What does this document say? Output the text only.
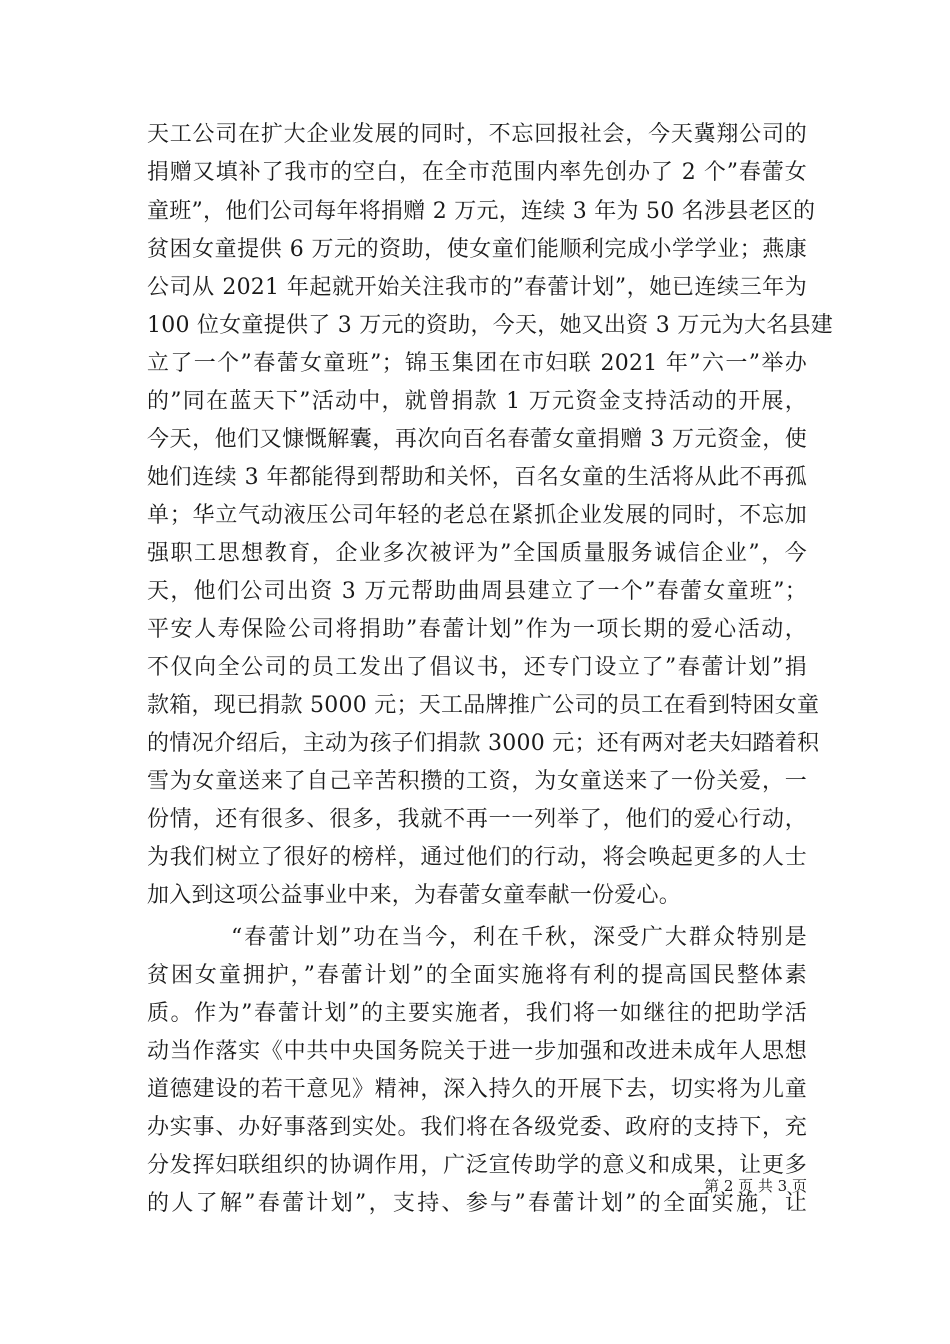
天工公司在扩大企业发展的同时，不忘回报社会，今天冀翔公司的
捐赠又填补了我市的空白，在全市范围内率先创办了 2 个”春蕾女
童班”，他们公司每年将捐赠 2 万元，连续 3 年为 50 名涉县老区的
贫困女童提供 6 万元的资助，使女童们能顺利完成小学学业；燕康
公司从 2021 年起就开始关注我市的”春蕾计划”，她已连续三年为
100 位女童提供了 3 万元的资助，今天，她又出资 3 万元为大名县建
立了一个”春蕾女童班”；锦玉集团在市妇联 2021 年”六一”举办
的”同在蓝天下”活动中，就曾捐款 1 万元资金支持活动的开展，
今天，他们又慷慨解囊，再次向百名春蕾女童捐赠 3 万元资金，使
她们连续 3 年都能得到帮助和关怀，百名女童的生活将从此不再孤
单；华立气动液压公司年轻的老总在紧抓企业发展的同时，不忘加
强职工思想教育，企业多次被评为”全国质量服务诚信企业”，今
天，他们公司出资 3 万元帮助曲周县建立了一个”春蕾女童班”；
平安人寿保险公司将捐助”春蕾计划”作为一项长期的爱心活动，
不仅向全公司的员工发出了倡议书，还专门设立了”春蕾计划”捐
款箱，现已捐款 5000 元；天工品牌推广公司的员工在看到特困女童
的情况介绍后，主动为孩子们捐款 3000 元；还有两对老夫妇踏着积
雪为女童送来了自己辛苦积攒的工资，为女童送来了一份关爱，一
份情，还有很多、很多，我就不再一一列举了，他们的爱心行动，
为我们树立了很好的榜样，通过他们的行动，将会唤起更多的人士
加入到这项公益事业中来，为春蕾女童奉献一份爱心。
“春蕾计划”功在当今，利在千秋，深受广大群众特别是
贫困女童拥护，”春蕾计划”的全面实施将有利的提高国民整体素
质。作为”春蕾计划”的主要实施者，我们将一如继往的把助学活
动当作落实《中共中央国务院关于进一步加强和改进未成年人思想
道德建设的若干意见》精神，深入持久的开展下去，切实将为儿童
办实事、办好事落到实处。我们将在各级党委、政府的支持下，充
分发挥妇联组织的协调作用，广泛宣传助学的意义和成果，让更多
的人了解”春蕾计划”，支持、参与”春蕾计划”的全面实施，让
第 2 页 共 3 页
